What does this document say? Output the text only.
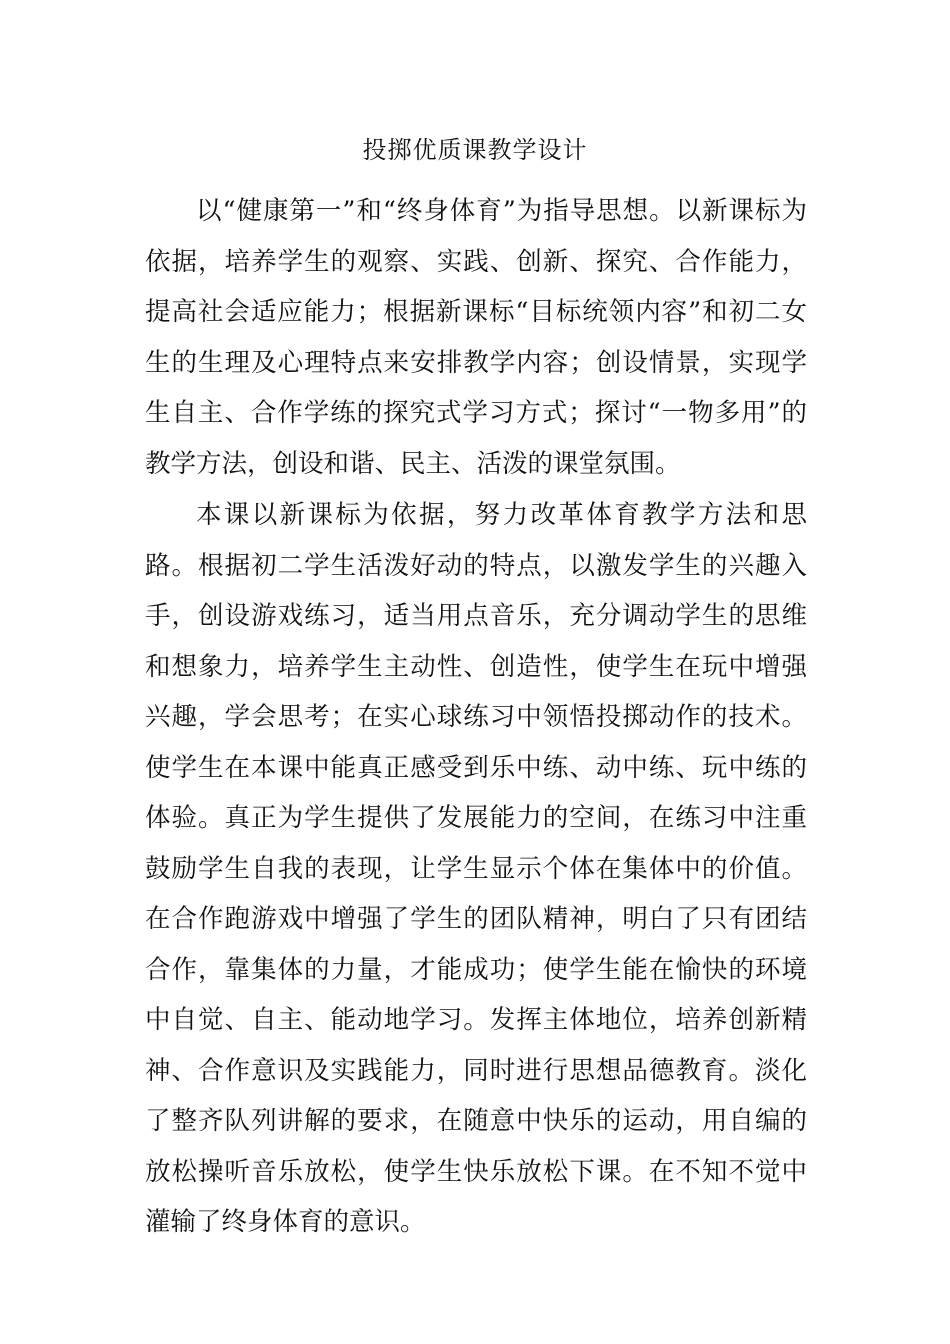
投掷优质课教学设计

以“健康第一”和“终身体育”为指导思想。以新课标为依据，培养学生的观察、实践、创新、探究、合作能力，提高社会适应能力；根据新课标“目标统领内容”和初二女生的生理及心理特点来安排教学内容；创设情景，实现学生自主、合作学练的探究式学习方式；探讨“一物多用”的教学方法，创设和谐、民主、活泼的课堂氛围。

本课以新课标为依据，努力改革体育教学方法和思路。根据初二学生活泼好动的特点，以激发学生的兴趣入手，创设游戏练习，适当用点音乐，充分调动学生的思维和想象力，培养学生主动性、创造性，使学生在玩中增强兴趣，学会思考；在实心球练习中领悟投掷动作的技术。使学生在本课中能真正感受到乐中练、动中练、玩中练的体验。真正为学生提供了发展能力的空间，在练习中注重鼓励学生自我的表现，让学生显示个体在集体中的价值。在合作跑游戏中增强了学生的团队精神，明白了只有团结合作，靠集体的力量，才能成功；使学生能在愉快的环境中自觉、自主、能动地学习。发挥主体地位，培养创新精神、合作意识及实践能力，同时进行思想品德教育。淡化了整齐队列讲解的要求，在随意中快乐的运动，用自编的放松操听音乐放松，使学生快乐放松下课。在不知不觉中灌输了终身体育的意识。
